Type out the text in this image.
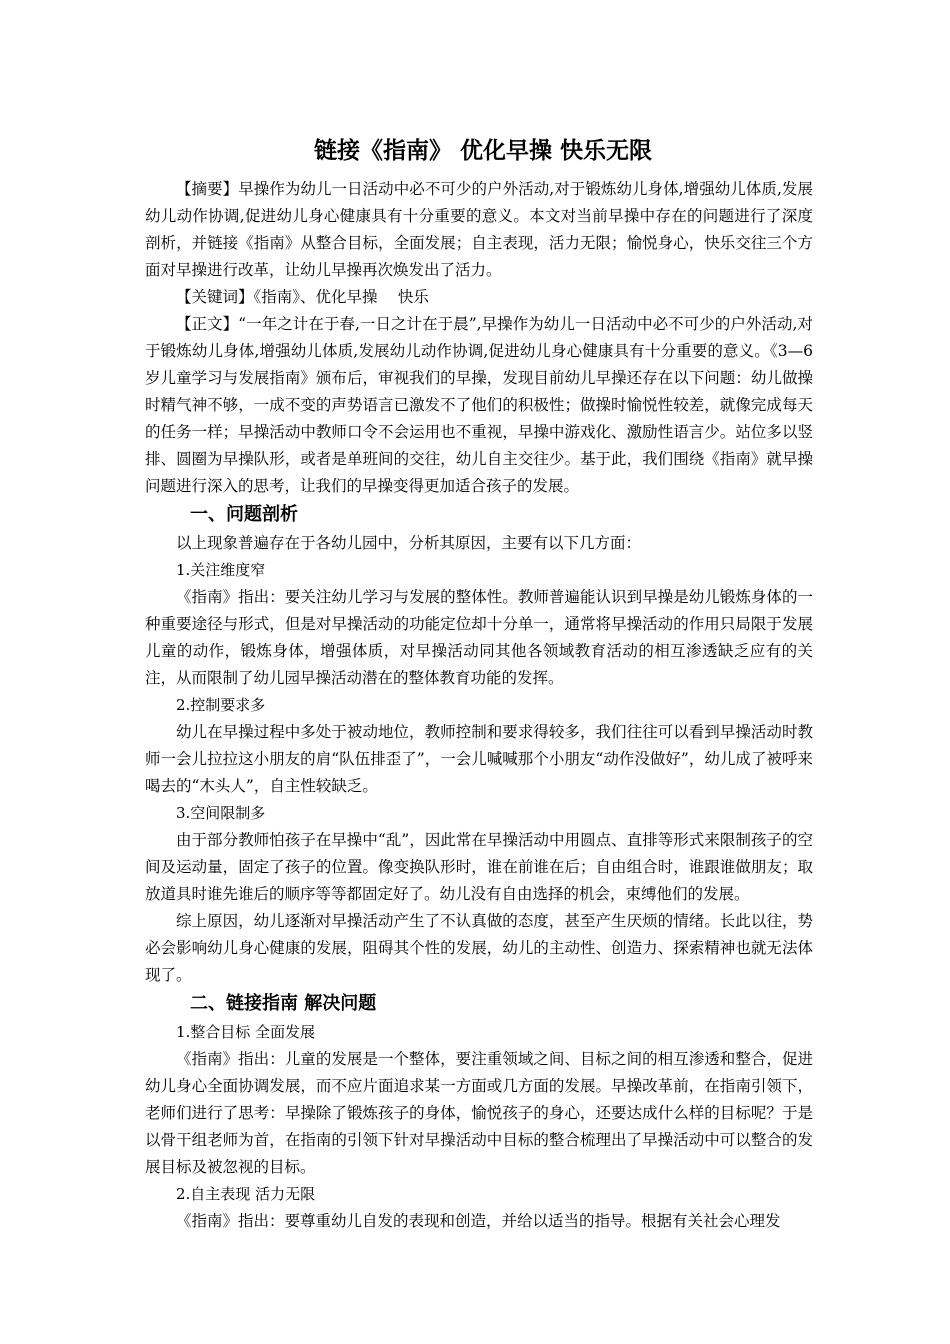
链接《指南》 优化早操 快乐无限

【摘要】早操作为幼儿一日活动中必不可少的户外活动,对于锻炼幼儿身体,增强幼儿体质,发展幼儿动作协调,促进幼儿身心健康具有十分重要的意义。本文对当前早操中存在的问题进行了深度剖析，并链接《指南》从整合目标，全面发展；自主表现，活力无限；愉悦身心，快乐交往三个方面对早操进行改革，让幼儿早操再次焕发出了活力。

【关键词】《指南》、优化早操　 快乐

【正文】“一年之计在于春,一日之计在于晨”,早操作为幼儿一日活动中必不可少的户外活动,对于锻炼幼儿身体,增强幼儿体质,发展幼儿动作协调,促进幼儿身心健康具有十分重要的意义。《3—6岁儿童学习与发展指南》颁布后，审视我们的早操，发现目前幼儿早操还存在以下问题：幼儿做操时精气神不够，一成不变的声势语言已激发不了他们的积极性；做操时愉悦性较差，就像完成每天的任务一样；早操活动中教师口令不会运用也不重视，早操中游戏化、激励性语言少。站位多以竖排、圆圈为早操队形，或者是单班间的交往，幼儿自主交往少。基于此，我们围绕《指南》就早操问题进行深入的思考，让我们的早操变得更加适合孩子的发展。

一、问题剖析

以上现象普遍存在于各幼儿园中，分析其原因，主要有以下几方面：

1.关注维度窄

《指南》指出：要关注幼儿学习与发展的整体性。教师普遍能认识到早操是幼儿锻炼身体的一种重要途径与形式，但是对早操活动的功能定位却十分单一，通常将早操活动的作用只局限于发展儿童的动作，锻炼身体，增强体质，对早操活动同其他各领域教育活动的相互渗透缺乏应有的关注，从而限制了幼儿园早操活动潜在的整体教育功能的发挥。

2.控制要求多

幼儿在早操过程中多处于被动地位，教师控制和要求得较多，我们往往可以看到早操活动时教师一会儿拉拉这小朋友的肩“队伍排歪了”，一会儿喊喊那个小朋友“动作没做好”，幼儿成了被呼来喝去的“木头人”，自主性较缺乏。

3.空间限制多

由于部分教师怕孩子在早操中“乱”，因此常在早操活动中用圆点、直排等形式来限制孩子的空间及运动量，固定了孩子的位置。像变换队形时，谁在前谁在后；自由组合时，谁跟谁做朋友；取放道具时谁先谁后的顺序等等都固定好了。幼儿没有自由选择的机会，束缚他们的发展。

综上原因，幼儿逐渐对早操活动产生了不认真做的态度，甚至产生厌烦的情绪。长此以往，势必会影响幼儿身心健康的发展，阻碍其个性的发展，幼儿的主动性、创造力、探索精神也就无法体现了。

二、链接指南 解决问题

1.整合目标 全面发展

《指南》指出：儿童的发展是一个整体，要注重领域之间、目标之间的相互渗透和整合，促进幼儿身心全面协调发展，而不应片面追求某一方面或几方面的发展。早操改革前，在指南引领下，老师们进行了思考：早操除了锻炼孩子的身体，愉悦孩子的身心，还要达成什么样的目标呢？于是以骨干组老师为首，在指南的引领下针对早操活动中目标的整合梳理出了早操活动中可以整合的发展目标及被忽视的目标。

2.自主表现 活力无限

《指南》指出：要尊重幼儿自发的表现和创造，并给以适当的指导。根据有关社会心理发
